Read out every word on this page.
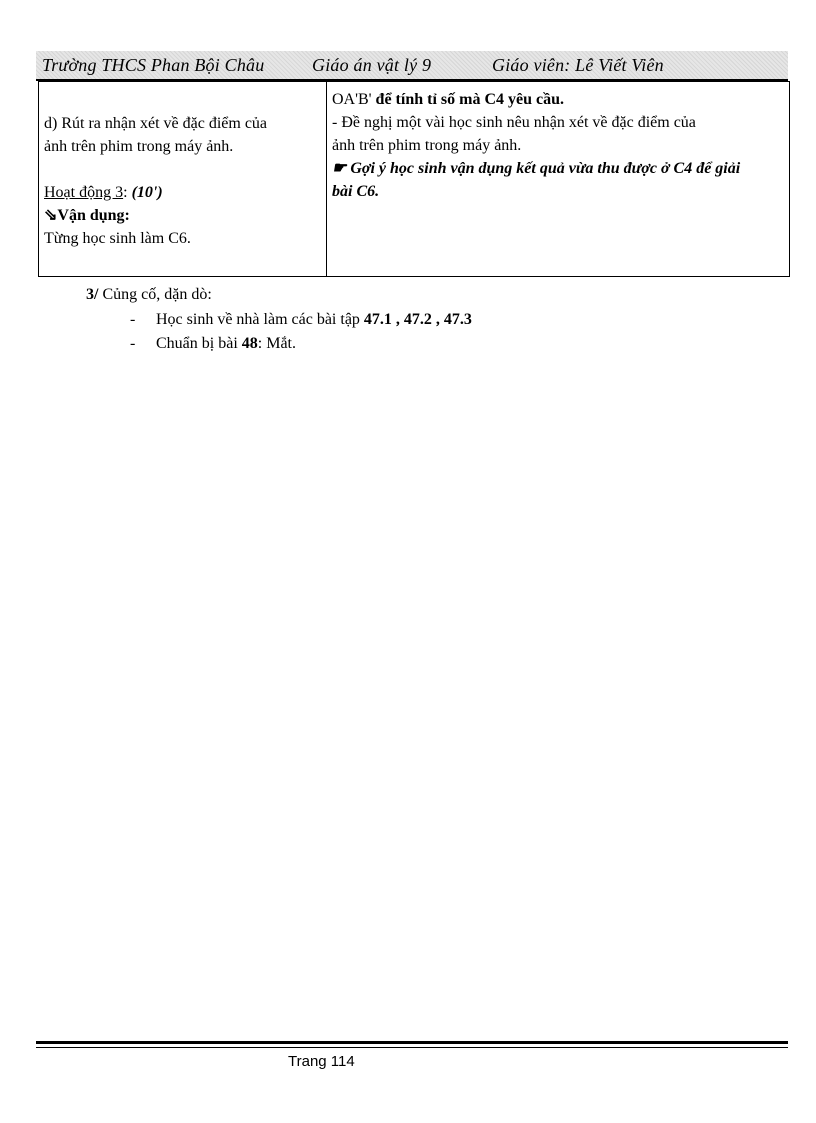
Trường THCS Phan Bội Châu	Giáo án vật lý 9	Giáo viên: Lê Viết Viên
d) Rút ra nhận xét về đặc điểm của
ảnh trên phim trong máy ảnh.
Hoạt động 3: (10')
⇘Vận dụng:
Từng học sinh làm C6.
OA'B' để tính tỉ số mà C4 yêu cầu.
- Đề nghị một vài học sinh nêu nhận xét về đặc điểm của
ảnh trên phim trong máy ảnh.
☛ Gợi ý học sinh vận dụng kết quả vừa thu được ở C4 để giải
bài C6.
3/ Củng cố, dặn dò:
- Học sinh về nhà làm các bài tập 47.1 , 47.2 , 47.3
- Chuẩn bị bài 48: Mắt.
Trang 114
